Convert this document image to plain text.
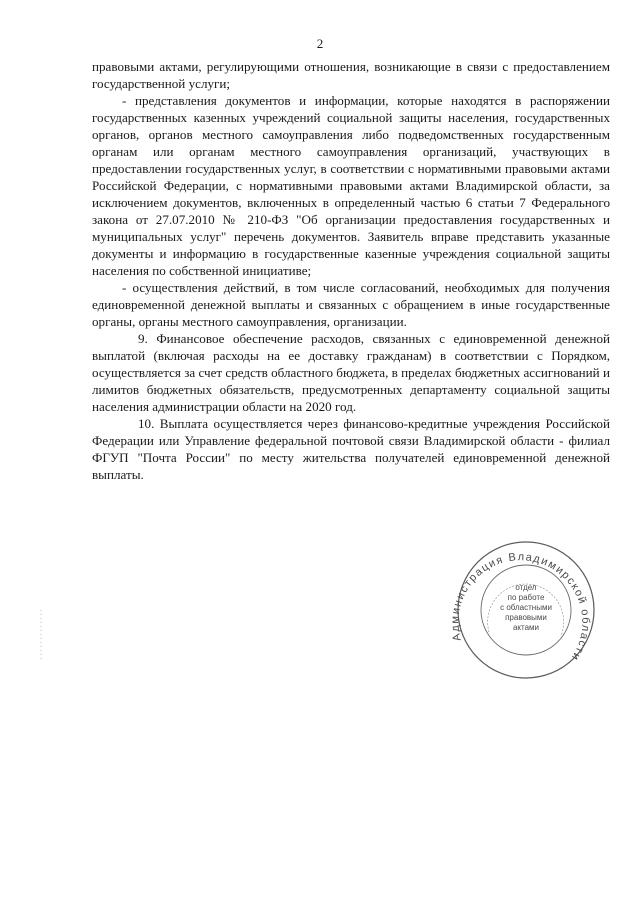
2

правовыми актами, регулирующими отношения, возникающие в связи с предоставлением государственной услуги;

- представления документов и информации, которые находятся в распоряжении государственных казенных учреждений социальной защиты населения, государственных органов, органов местного самоуправления либо подведомственных государственным органам или органам местного самоуправления организаций, участвующих в предоставлении государственных услуг, в соответствии с нормативными правовыми актами Российской Федерации, с нормативными правовыми актами Владимирской области, за исключением документов, включенных в определенный частью 6 статьи 7 Федерального закона от 27.07.2010 № 210-ФЗ "Об организации предоставления государственных и муниципальных услуг" перечень документов. Заявитель вправе представить указанные документы и информацию в государственные казенные учреждения социальной защиты населения по собственной инициативе;

- осуществления действий, в том числе согласований, необходимых для получения единовременной денежной выплаты и связанных с обращением в иные государственные органы, органы местного самоуправления, организации.

9. Финансовое обеспечение расходов, связанных с единовременной денежной выплатой (включая расходы на ее доставку гражданам) в соответствии с Порядком, осуществляется за счет средств областного бюджета, в пределах бюджетных ассигнований и лимитов бюджетных обязательств, предусмотренных департаменту социальной защиты населения администрации области на 2020 год.

10. Выплата осуществляется через финансово-кредитные учреждения Российской Федерации или Управление федеральной почтовой связи Владимирской области - филиал ФГУП "Почта России" по месту жительства получателей единовременной денежной выплаты.

Администрация Владимирской области
отдел
по работе
с областными
правовыми
актами
